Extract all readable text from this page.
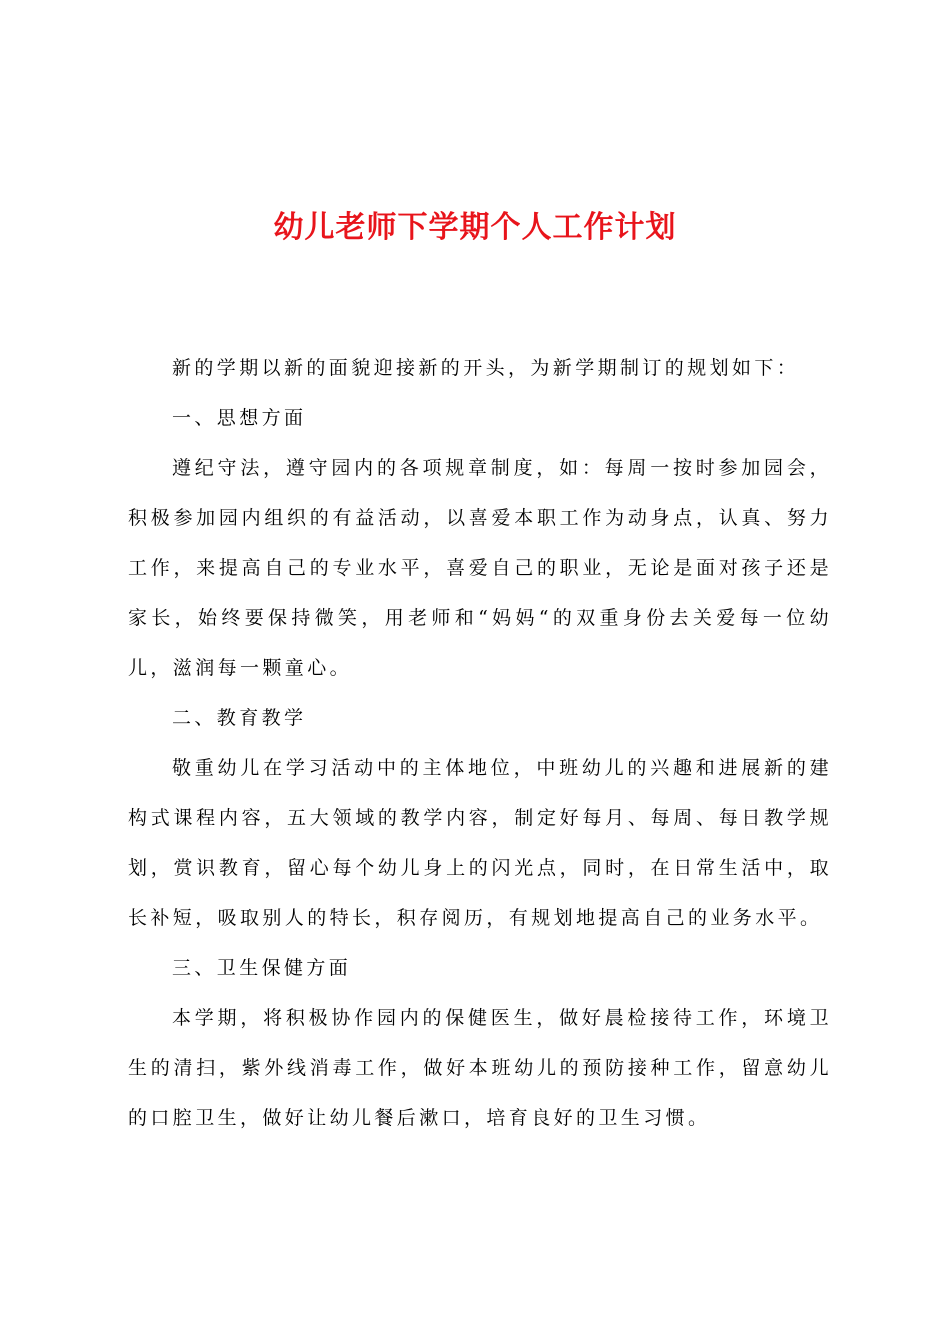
幼儿老师下学期个人工作计划

新的学期以新的面貌迎接新的开头，为新学期制订的规划如下：

一、思想方面

遵纪守法，遵守园内的各项规章制度，如：每周一按时参加园会，积极参加园内组织的有益活动，以喜爱本职工作为动身点，认真、努力工作，来提高自己的专业水平，喜爱自己的职业，无论是面对孩子还是家长，始终要保持微笑，用老师和“妈妈“的双重身份去关爱每一位幼儿，滋润每一颗童心。

二、教育教学

敬重幼儿在学习活动中的主体地位，中班幼儿的兴趣和进展新的建构式课程内容，五大领域的教学内容，制定好每月、每周、每日教学规划，赏识教育，留心每个幼儿身上的闪光点，同时，在日常生活中，取长补短，吸取别人的特长，积存阅历，有规划地提高自己的业务水平。

三、卫生保健方面

本学期，将积极协作园内的保健医生，做好晨检接待工作，环境卫生的清扫，紫外线消毒工作，做好本班幼儿的预防接种工作，留意幼儿的口腔卫生，做好让幼儿餐后漱口，培育良好的卫生习惯。
